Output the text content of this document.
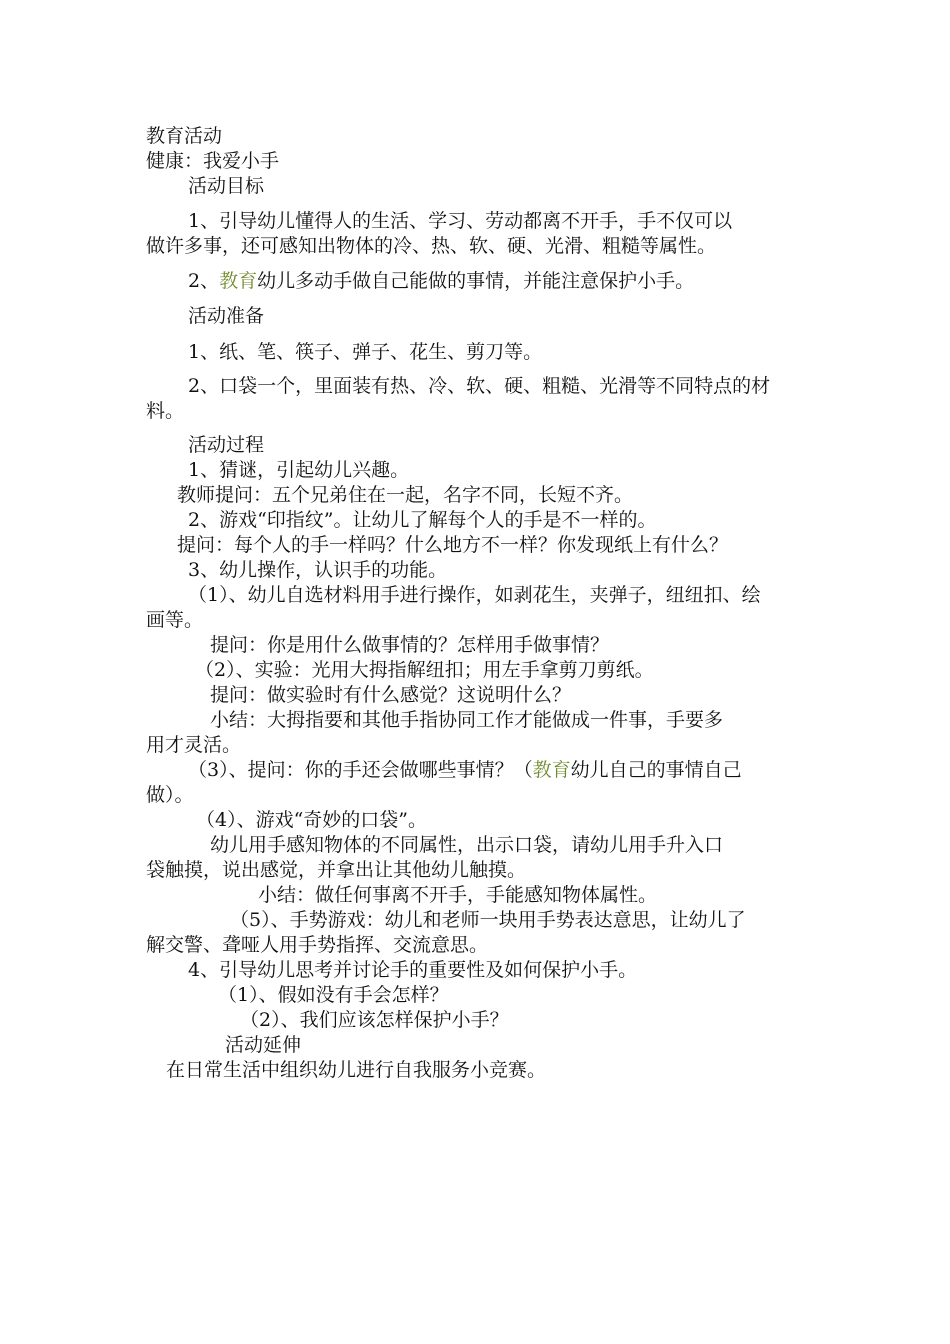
教育活动

健康：我爱小手

活动目标

1、引导幼儿懂得人的生活、学习、劳动都离不开手，手不仅可以

做许多事，还可感知出物体的冷、热、软、硬、光滑、粗糙等属性。

2、教育幼儿多动手做自己能做的事情，并能注意保护小手。

活动准备

1、纸、笔、筷子、弹子、花生、剪刀等。

2、口袋一个，里面装有热、冷、软、硬、粗糙、光滑等不同特点的材

料。

活动过程

1、猜谜，引起幼儿兴趣。

教师提问：五个兄弟住在一起，名字不同，长短不齐。

2、游戏“印指纹”。让幼儿了解每个人的手是不一样的。

提问：每个人的手一样吗？什么地方不一样？你发现纸上有什么？

3、幼儿操作，认识手的功能。

（1）、幼儿自选材料用手进行操作，如剥花生，夹弹子，纽纽扣、绘

画等。

提问：你是用什么做事情的？怎样用手做事情？

（2）、实验：光用大拇指解纽扣；用左手拿剪刀剪纸。

提问：做实验时有什么感觉？这说明什么？

小结：大拇指要和其他手指协同工作才能做成一件事，手要多

用才灵活。

（3）、提问：你的手还会做哪些事情？（教育幼儿自己的事情自己

做）。

（4）、游戏“奇妙的口袋”。

幼儿用手感知物体的不同属性，出示口袋，请幼儿用手升入口

袋触摸，说出感觉，并拿出让其他幼儿触摸。

小结：做任何事离不开手，手能感知物体属性。

（5）、手势游戏：幼儿和老师一块用手势表达意思，让幼儿了

解交警、聋哑人用手势指挥、交流意思。

4、引导幼儿思考并讨论手的重要性及如何保护小手。

（1）、假如没有手会怎样？

（2）、我们应该怎样保护小手？

活动延伸

在日常生活中组织幼儿进行自我服务小竞赛。
